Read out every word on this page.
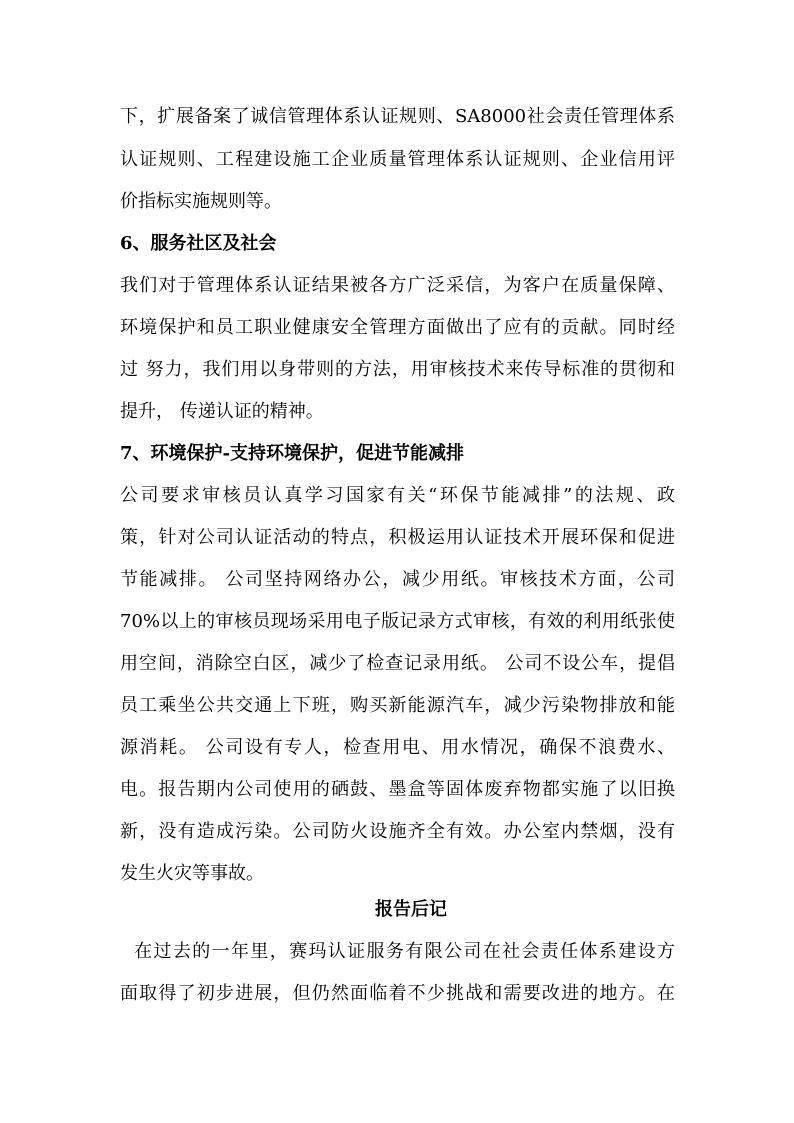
下，扩展备案了诚信管理体系认证规则、SA8000社会责任管理体系
认证规则、工程建设施工企业质量管理体系认证规则、企业信用评
价指标实施规则等。
6、服务社区及社会
我们对于管理体系认证结果被各方广泛采信，为客户在质量保障、
环境保护和员工职业健康安全管理方面做出了应有的贡献。同时经
过 努力，我们用以身带则的方法，用审核技术来传导标准的贯彻和
提升， 传递认证的精神。
7、环境保护-支持环境保护，促进节能减排
公司要求审核员认真学习国家有关“环保节能减排”的法规、政
策，针对公司认证活动的特点，积极运用认证技术开展环保和促进
节能减排。 公司坚持网络办公，减少用纸。审核技术方面，公司
70%以上的审核员现场采用电子版记录方式审核，有效的利用纸张使
用空间，消除空白区，减少了检查记录用纸。 公司不设公车，提倡
员工乘坐公共交通上下班，购买新能源汽车，减少污染物排放和能
源消耗。 公司设有专人，检查用电、用水情况，确保不浪费水、
电。报告期内公司使用的硒鼓、墨盒等固体废弃物都实施了以旧换
新，没有造成污染。公司防火设施齐全有效。办公室内禁烟，没有
发生火灾等事故。
报告后记
在过去的一年里，赛玛认证服务有限公司在社会责任体系建设方
面取得了初步进展，但仍然面临着不少挑战和需要改进的地方。在
